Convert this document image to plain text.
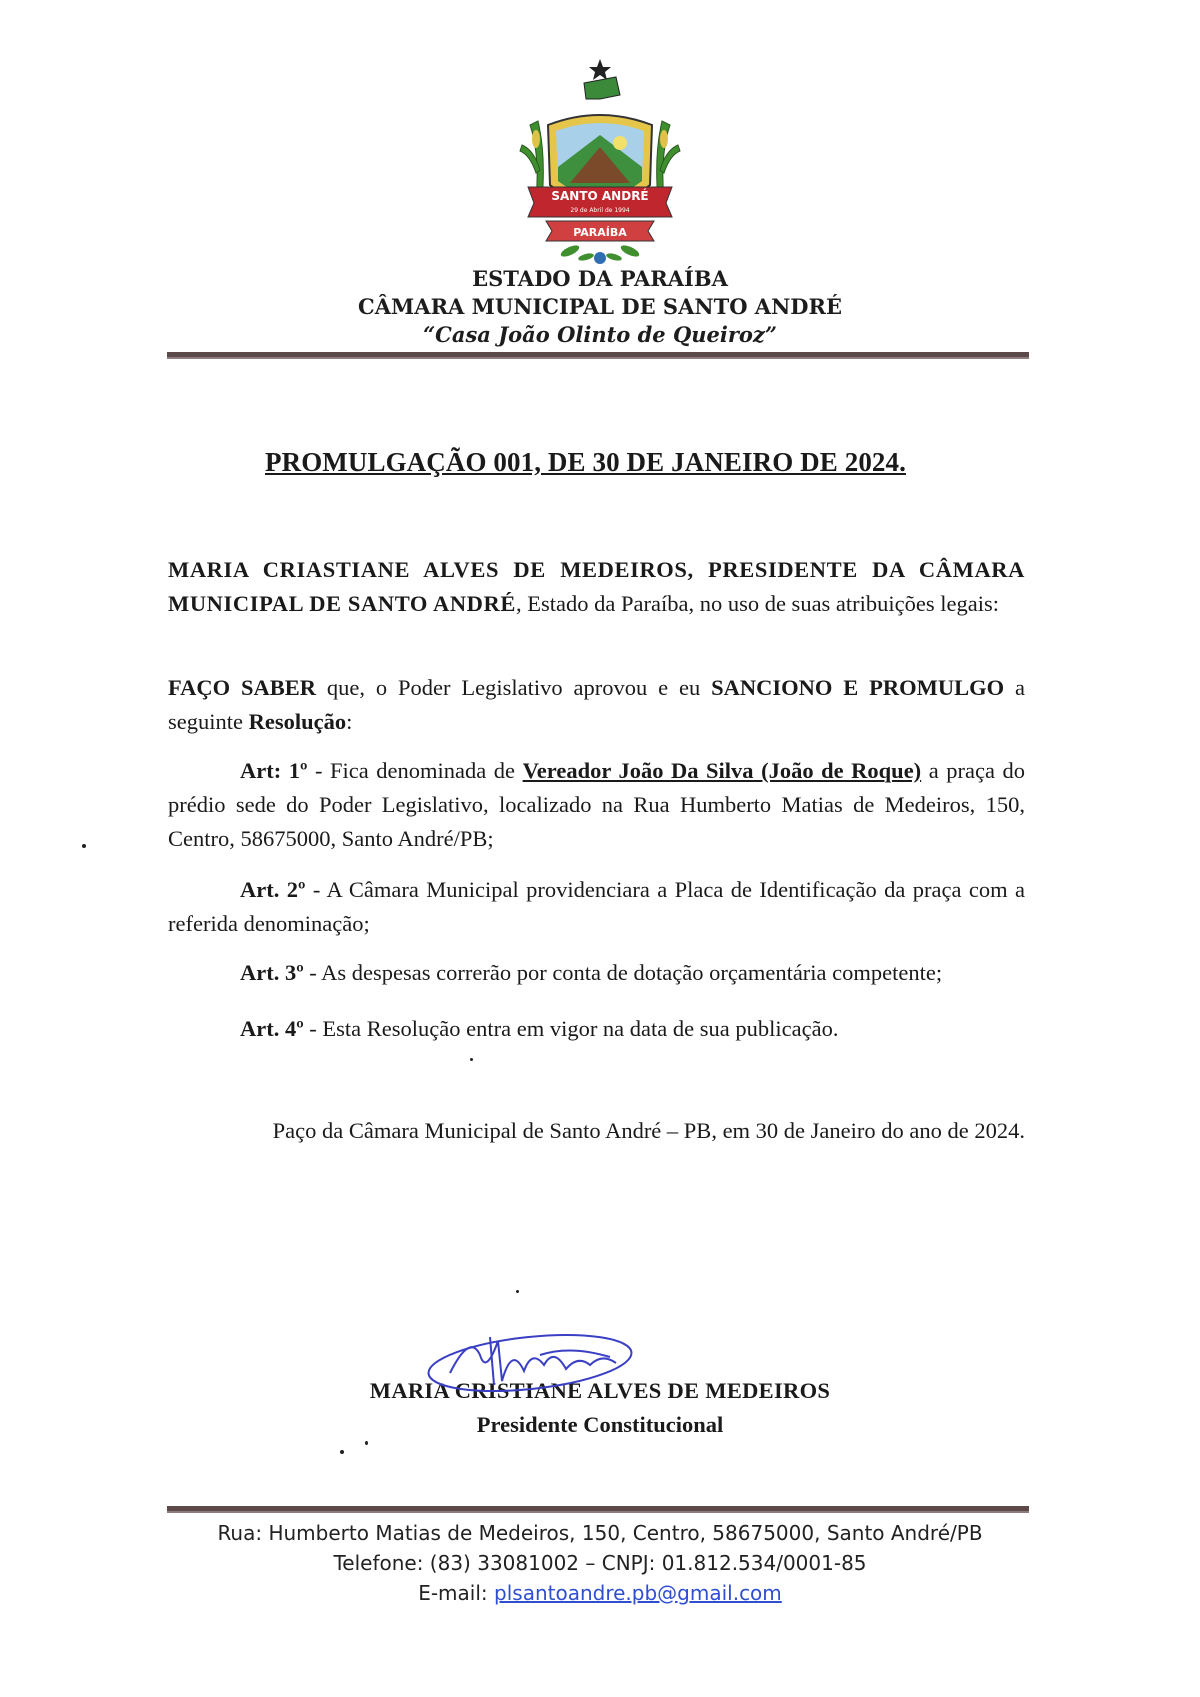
SANTO ANDRÉ
29 de Abril de 1994
PARAÍBA
ESTADO DA PARAÍBA
CÂMARA MUNICIPAL DE SANTO ANDRÉ
“Casa João Olinto de Queiroz”
PROMULGAÇÃO 001, DE 30 DE JANEIRO DE 2024.
MARIA CRIASTIANE ALVES DE MEDEIROS, PRESIDENTE DA CÂMARA MUNICIPAL DE SANTO ANDRÉ, Estado da Paraíba, no uso de suas atribuições legais:
FAÇO SABER que, o Poder Legislativo aprovou e eu SANCIONO E PROMULGO a seguinte Resolução:
Art: 1º - Fica denominada de Vereador João Da Silva (João de Roque) a praça do prédio sede do Poder Legislativo, localizado na Rua Humberto Matias de Medeiros, 150, Centro, 58675000, Santo André/PB;
Art. 2º - A Câmara Municipal providenciara a Placa de Identificação da praça com a referida denominação;
Art. 3º - As despesas correrão por conta de dotação orçamentária competente;
Art. 4º - Esta Resolução entra em vigor na data de sua publicação.
Paço da Câmara Municipal de Santo André – PB, em 30 de Janeiro do ano de 2024.
MARIA CRISTIANE ALVES DE MEDEIROS
Presidente Constitucional
Rua: Humberto Matias de Medeiros, 150, Centro, 58675000, Santo André/PB
Telefone: (83) 33081002 – CNPJ: 01.812.534/0001-85
E-mail: plsantoandre.pb@gmail.com
